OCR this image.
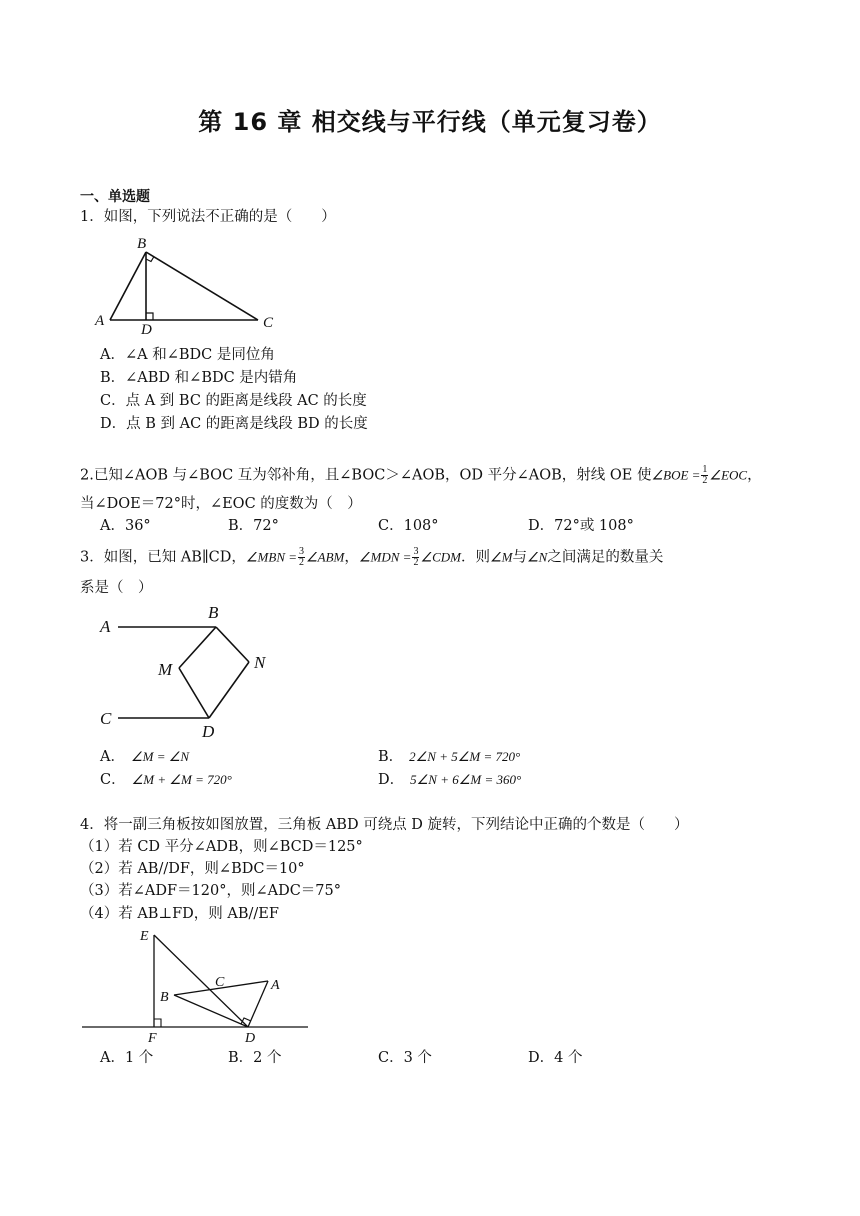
第 16 章 相交线与平行线（单元复习卷）
一、单选题
1．如图，下列说法不正确的是（　　）
B
A
D	C
A．∠A 和∠BDC 是同位角
B．∠ABD 和∠BDC 是内错角
C．点 A 到 BC 的距离是线段 AC 的长度
D．点 B 到 AC 的距离是线段 BD 的长度
2.已知∠AOB 与∠BOC 互为邻补角，且∠BOC＞∠AOB，OD 平分∠AOB，射线 OE 使∠BOE = $\frac{1}{2}$ ∠EOC，
当∠DOE＝72°时，∠EOC 的度数为（　）
A．36°	B．72°	C．108°	D．72°或 108°
3．如图，已知 AB∥CD，∠MBN = $\frac{3}{2}$ ∠ABM，∠MDN = $\frac{3}{2}$ ∠CDM．则∠M与∠N之间满足的数量关
系是（　）
A
B
M	N
C
D
A． ∠M = ∠N	B． 2∠N + 5∠M = 720°
C． ∠M + ∠M = 720°	D． 5∠N + 6∠M = 360°
4．将一副三角板按如图放置，三角板 ABD 可绕点 D 旋转，下列结论中正确的个数是（　　）
（1）若 CD 平分∠ADB，则∠BCD＝125°
（2）若 AB//DF，则∠BDC＝10°
（3）若∠ADF＝120°，则∠ADC＝75°
（4）若 AB⊥FD，则 AB//EF
E
C	A
B
F	D
A．1 个	B．2 个	C．3 个	D．4 个
